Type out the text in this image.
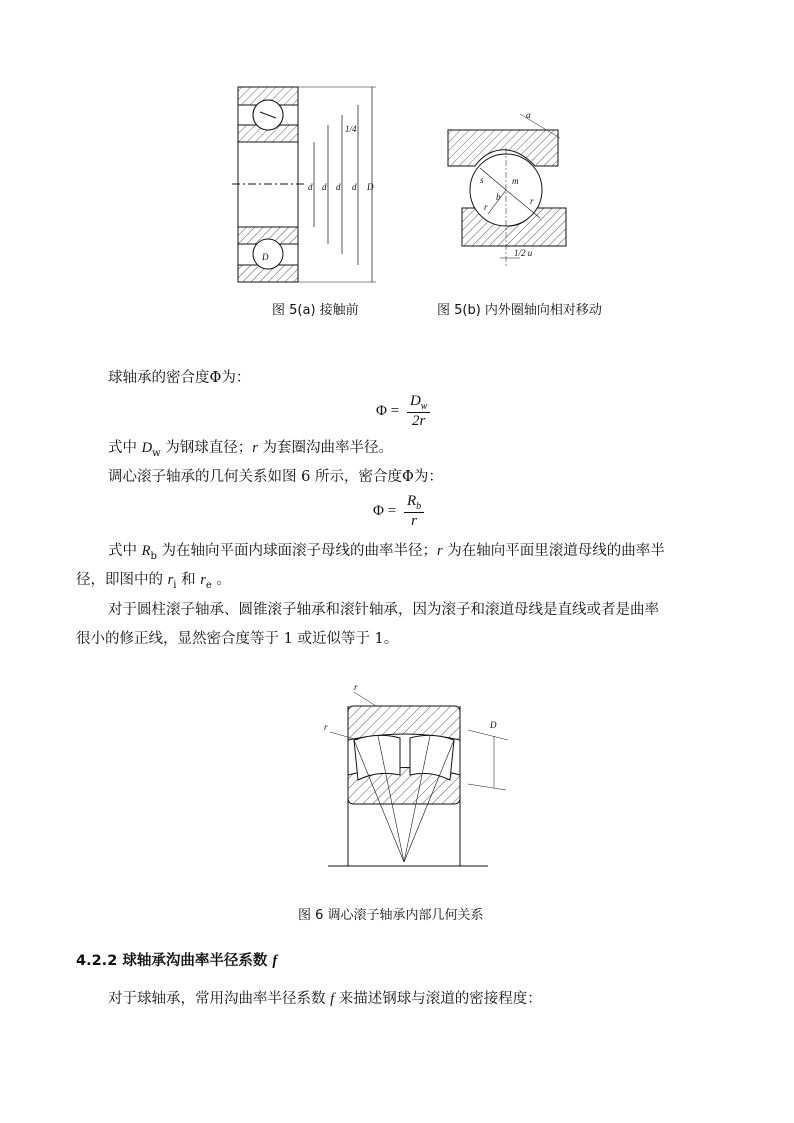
d d d d D
1/4
D
图 5(a) 接触前
α
m
s
b	r
r
1/2 u
图 5(b) 内外圈轴向相对移动
球轴承的密合度Φ为：
$\Phi = \frac{D_w}{2r}$
式中 $D_w$ 为钢球直径；r 为套圈沟曲率半径。
调心滚子轴承的几何关系如图 6 所示，密合度Φ为：
$\Phi = \frac{R_b}{r}$
式中 $R_b$ 为在轴向平面内球面滚子母线的曲率半径；r 为在轴向平面里滚道母线的曲率半
径，即图中的 $r_i$ 和 $r_e$ 。
对于圆柱滚子轴承、圆锥滚子轴承和滚针轴承，因为滚子和滚道母线是直线或者是曲率
很小的修正线，显然密合度等于 1 或近似等于 1。
r
r	D
图 6 调心滚子轴承内部几何关系
4.2.2 球轴承沟曲率半径系数 f
对于球轴承，常用沟曲率半径系数 f 来描述钢球与滚道的密接程度：
